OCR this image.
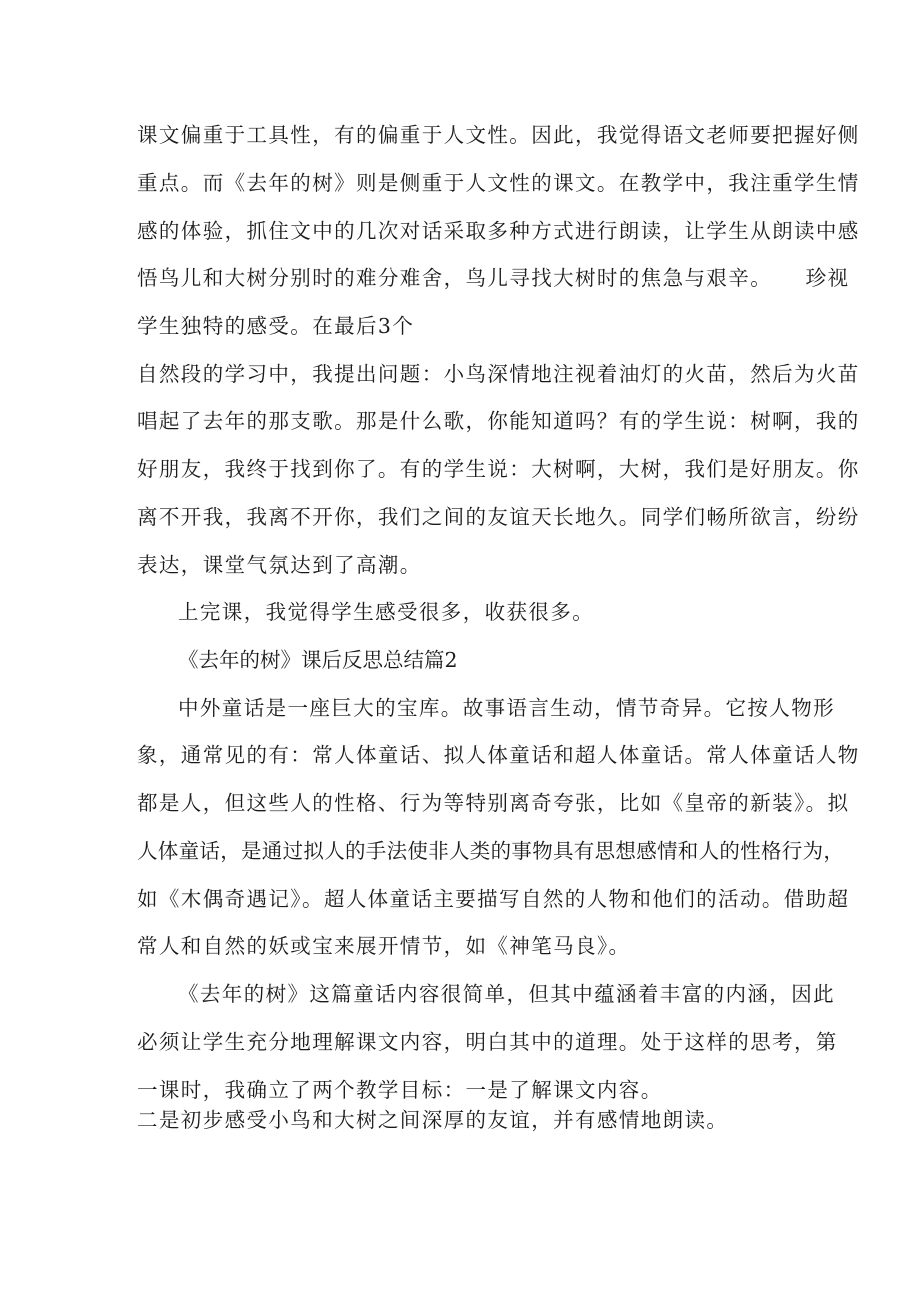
课文偏重于工具性，有的偏重于人文性。因此，我觉得语文老师要把握好侧
重点。而《去年的树》则是侧重于人文性的课文。在教学中，我注重学生情
感的体验，抓住文中的几次对话采取多种方式进行朗读，让学生从朗读中感
悟鸟儿和大树分别时的难分难舍，鸟儿寻找大树时的焦急与艰辛。　　珍视
学生独特的感受。在最后3个
自然段的学习中，我提出问题：小鸟深情地注视着油灯的火苗，然后为火苗
唱起了去年的那支歌。那是什么歌，你能知道吗？有的学生说：树啊，我的
好朋友，我终于找到你了。有的学生说：大树啊，大树，我们是好朋友。你
离不开我，我离不开你，我们之间的友谊天长地久。同学们畅所欲言，纷纷
表达，课堂气氛达到了高潮。
上完课，我觉得学生感受很多，收获很多。
《去年的树》课后反思总结篇2
中外童话是一座巨大的宝库。故事语言生动，情节奇异。它按人物形
象，通常见的有：常人体童话、拟人体童话和超人体童话。常人体童话人物
都是人，但这些人的性格、行为等特别离奇夸张，比如《皇帝的新装》。拟
人体童话，是通过拟人的手法使非人类的事物具有思想感情和人的性格行为，
如《木偶奇遇记》。超人体童话主要描写自然的人物和他们的活动。借助超
常人和自然的妖或宝来展开情节，如《神笔马良》。
《去年的树》这篇童话内容很简单，但其中蕴涵着丰富的内涵，因此
必须让学生充分地理解课文内容，明白其中的道理。处于这样的思考，第
一课时，我确立了两个教学目标：一是了解课文内容。
二是初步感受小鸟和大树之间深厚的友谊，并有感情地朗读。
